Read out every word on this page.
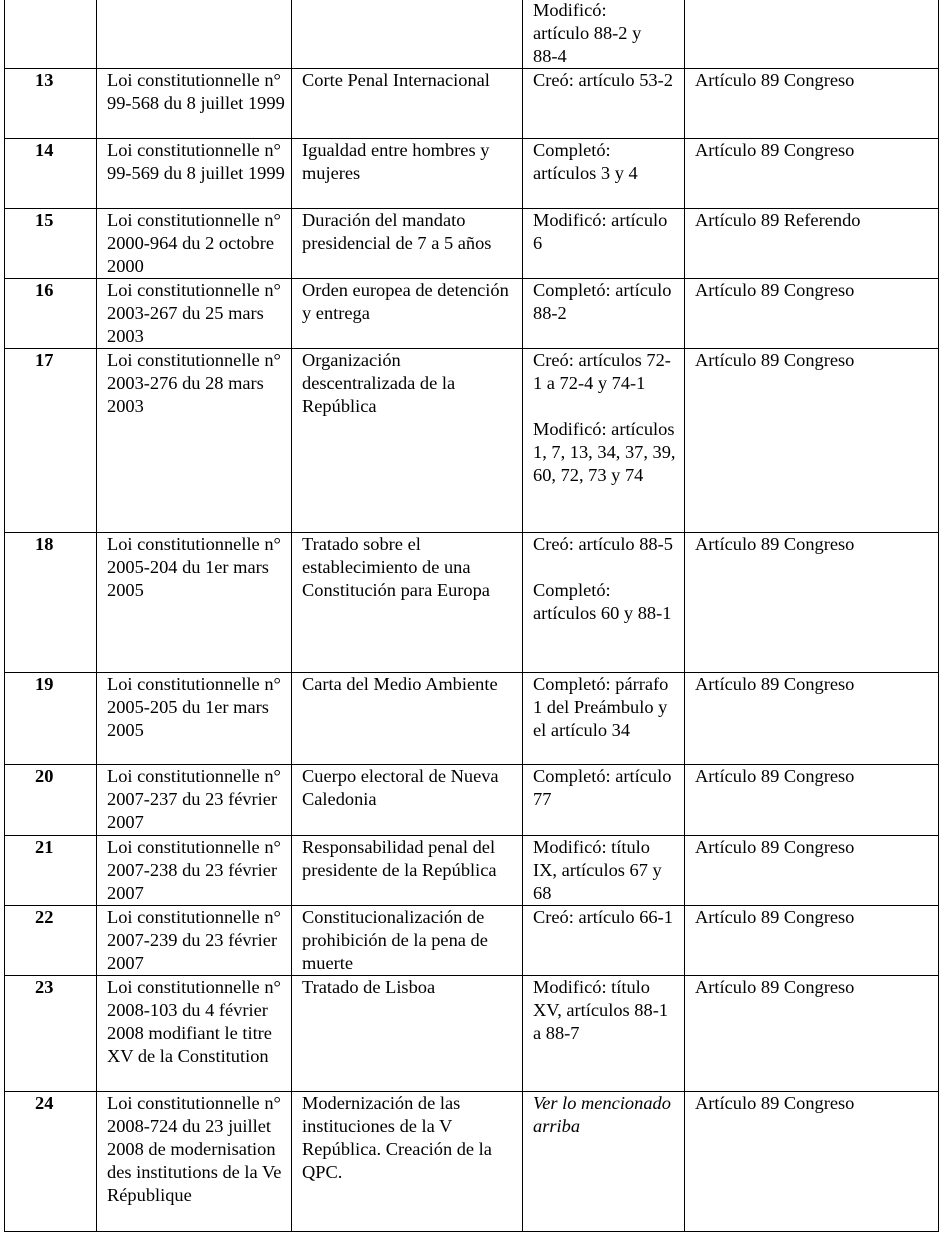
			Modificó:
artículo 88-2 y
88-4	

13	Loi constitutionnelle n° 99-568 du 8 juillet 1999	Corte Penal Internacional	Creó: artículo 53-2	Artículo 89 Congreso
14	Loi constitutionnelle n° 99-569 du 8 juillet 1999	Igualdad entre hombres y mujeres	Completó: artículos 3 y 4	Artículo 89 Congreso
15	Loi constitutionnelle n° 2000-964 du 2 octobre 2000	Duración del mandato presidencial de 7 a 5 años	Modificó: artículo 6	Artículo 89 Referendo
16	Loi constitutionnelle n° 2003-267 du 25 mars 2003	Orden europea de detención y entrega	Completó: artículo 88-2	Artículo 89 Congreso
17	Loi constitutionnelle n° 2003-276 du 28 mars 2003	Organización descentralizada de la República	Creó: artículos 72-1 a 72-4 y 74-1
Modificó: artículos 1, 7, 13, 34, 37, 39, 60, 72, 73 y 74	Artículo 89 Congreso
18	Loi constitutionnelle n° 2005-204 du 1er mars 2005	Tratado sobre el establecimiento de una Constitución para Europa	Creó: artículo 88-5
Completó: artículos 60 y 88-1	Artículo 89 Congreso
19	Loi constitutionnelle n° 2005-205 du 1er mars 2005	Carta del Medio Ambiente	Completó: párrafo 1 del Preámbulo y el artículo 34	Artículo 89 Congreso
20	Loi constitutionnelle n° 2007-237 du 23 février 2007	Cuerpo electoral de Nueva Caledonia	Completó: artículo 77	Artículo 89 Congreso
21	Loi constitutionnelle n° 2007-238 du 23 février 2007	Responsabilidad penal del presidente de la República	Modificó: título IX, artículos 67 y 68	Artículo 89 Congreso
22	Loi constitutionnelle n° 2007-239 du 23 février 2007	Constitucionalización de prohibición de la pena de muerte	Creó: artículo 66-1	Artículo 89 Congreso
23	Loi constitutionnelle n° 2008-103 du 4 février 2008 modifiant le titre XV de la Constitution	Tratado de Lisboa	Modificó: título XV, artículos 88-1 a 88-7	Artículo 89 Congreso
24	Loi constitutionnelle n° 2008-724 du 23 juillet 2008 de modernisation des institutions de la Ve République	Modernización de las instituciones de la V República. Creación de la QPC.	Ver lo mencionado arriba	Artículo 89 Congreso
